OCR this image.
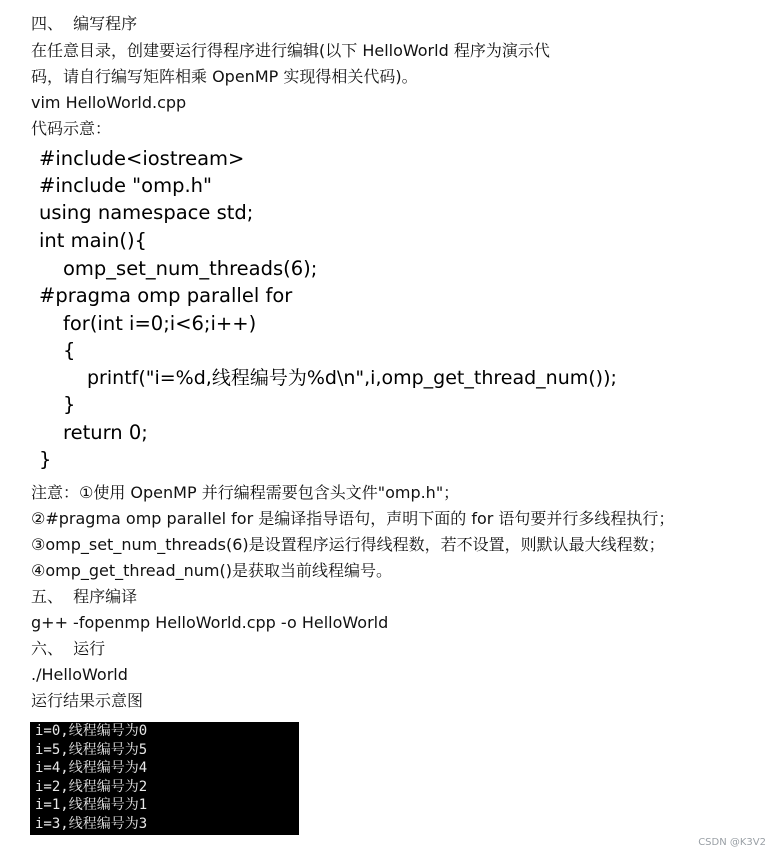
四、  编写程序
在任意目录，创建要运行得程序进行编辑(以下 HelloWorld 程序为演示代
码，请自行编写矩阵相乘 OpenMP 实现得相关代码)。
vim HelloWorld.cpp
代码示意：
#include<iostream>
#include "omp.h"
using namespace std;
int main(){
omp_set_num_threads(6);
#pragma omp parallel for
for(int i=0;i<6;i++)
{
printf("i=%d,线程编号为%d\n",i,omp_get_thread_num());
}
return 0;
}
注意：①使用 OpenMP 并行编程需要包含头文件"omp.h"；
②#pragma omp parallel for 是编译指导语句，声明下面的 for 语句要并行多线程执行；
③omp_set_num_threads(6)是设置程序运行得线程数，若不设置，则默认最大线程数；
④omp_get_thread_num()是获取当前线程编号。
五、  程序编译
g++ -fopenmp HelloWorld.cpp -o HelloWorld
六、  运行
./HelloWorld
运行结果示意图
i=0,线程编号为0
i=5,线程编号为5
i=4,线程编号为4
i=2,线程编号为2
i=1,线程编号为1
i=3,线程编号为3
CSDN @K3V2
